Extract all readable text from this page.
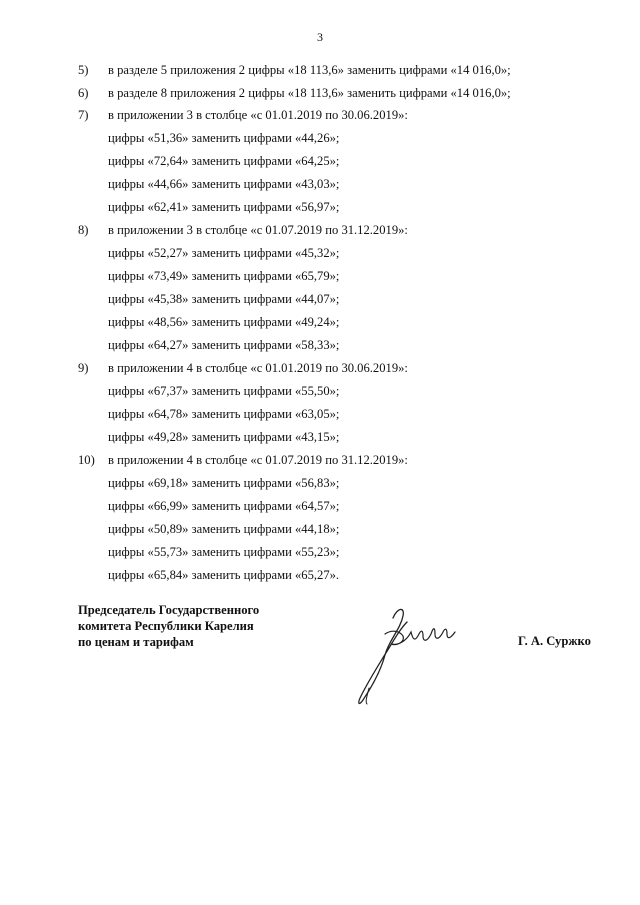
3
5) в разделе 5 приложения 2 цифры «18 113,6» заменить цифрами «14 016,0»;
6) в разделе 8 приложения 2 цифры «18 113,6» заменить цифрами «14 016,0»;
7) в приложении 3 в столбце «с 01.01.2019 по 30.06.2019»:
цифры «51,36» заменить цифрами «44,26»;
цифры «72,64» заменить цифрами «64,25»;
цифры «44,66» заменить цифрами «43,03»;
цифры «62,41» заменить цифрами «56,97»;
8) в приложении 3 в столбце «с 01.07.2019 по 31.12.2019»:
цифры «52,27» заменить цифрами «45,32»;
цифры «73,49» заменить цифрами «65,79»;
цифры «45,38» заменить цифрами «44,07»;
цифры «48,56» заменить цифрами «49,24»;
цифры «64,27» заменить цифрами «58,33»;
9) в приложении 4 в столбце «с 01.01.2019 по 30.06.2019»:
цифры «67,37» заменить цифрами «55,50»;
цифры «64,78» заменить цифрами «63,05»;
цифры «49,28» заменить цифрами «43,15»;
10) в приложении 4 в столбце «с 01.07.2019 по 31.12.2019»:
цифры «69,18» заменить цифрами «56,83»;
цифры «66,99» заменить цифрами «64,57»;
цифры «50,89» заменить цифрами «44,18»;
цифры «55,73» заменить цифрами «55,23»;
цифры «65,84» заменить цифрами «65,27».
Председатель Государственного
комитета Республики Карелия
по ценам и тарифам	Г. А. Суржко
